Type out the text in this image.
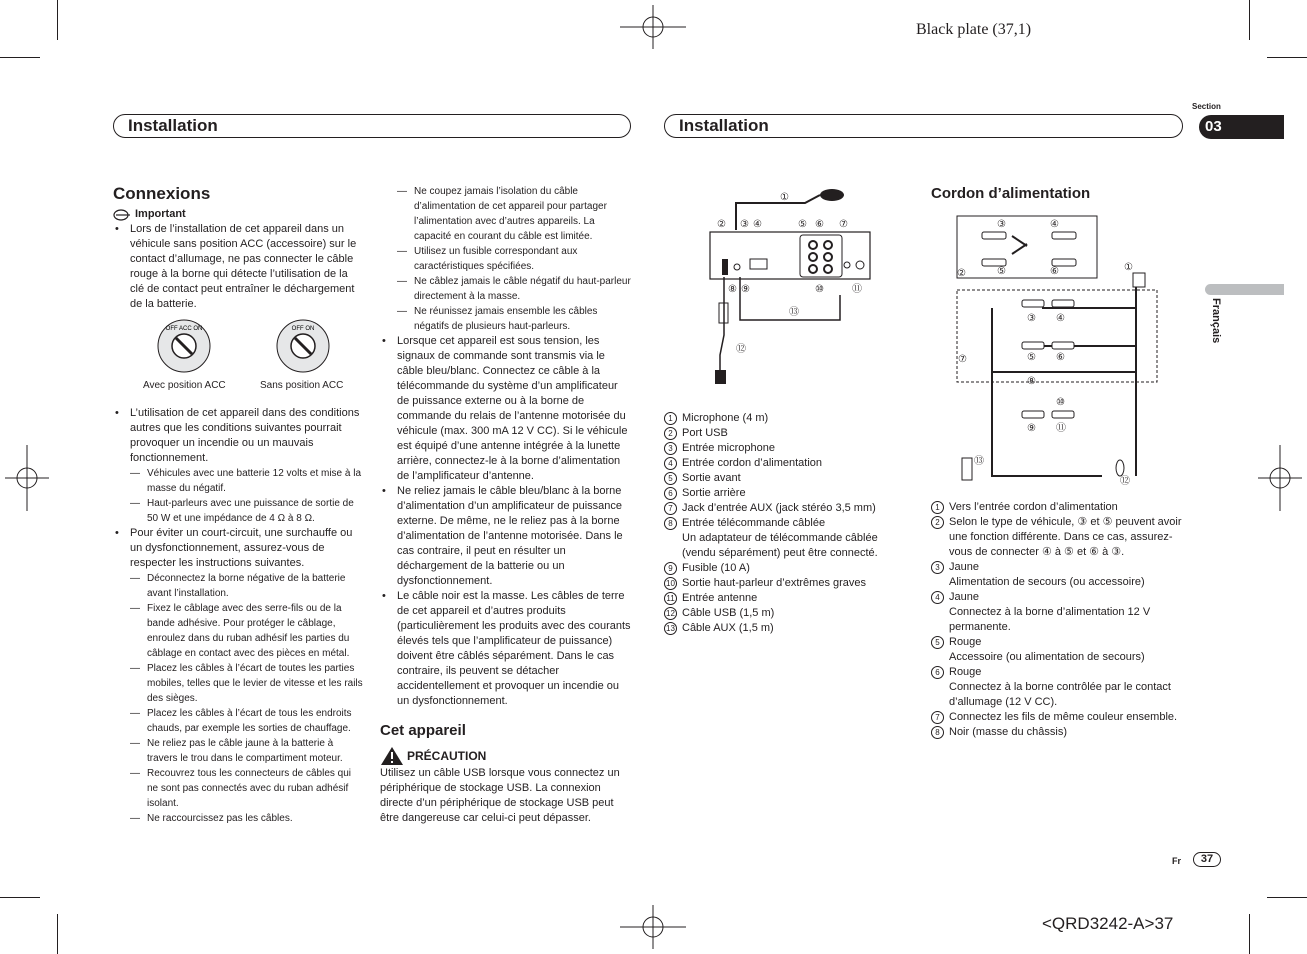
Black plate (37,1)
Section
03
Installation	Installation
Français
Connexions
Important

• Lors de l’installation de cet appareil dans un véhicule sans position ACC (accessoire) sur le contact d’allumage, ne pas connecter le câble rouge à la borne qui détecte l’utilisation de la clé de contact peut entraîner le déchargement de la batterie.

OFF ACC ON	OFF ON
Avec position ACC	Sans position ACC

• L’utilisation de cet appareil dans des conditions autres que les conditions suivantes pourrait provoquer un incendie ou un mauvais fonctionnement.

— Véhicules avec une batterie 12 volts et mise à la masse du négatif.

— Haut-parleurs avec une puissance de sortie de 50 W et une impédance de 4 Ω à 8 Ω.

• Pour éviter un court-circuit, une surchauffe ou un dysfonctionnement, assurez-vous de respecter les instructions suivantes.

— Déconnectez la borne négative de la batterie avant l’installation.

— Fixez le câblage avec des serre-fils ou de la bande adhésive. Pour protéger le câblage, enroulez dans du ruban adhésif les parties du câblage en contact avec des pièces en métal.

— Placez les câbles à l’écart de toutes les parties mobiles, telles que le levier de vitesse et les rails des sièges.

— Placez les câbles à l’écart de tous les endroits chauds, par exemple les sorties de chauffage.

— Ne reliez pas le câble jaune à la batterie à travers le trou dans le compartiment moteur.

— Recouvrez tous les connecteurs de câbles qui ne sont pas connectés avec du ruban adhésif isolant.

— Ne raccourcissez pas les câbles.

— Ne coupez jamais l’isolation du câble d’alimentation de cet appareil pour partager l’alimentation avec d’autres appareils. La capacité en courant du câble est limitée.

— Utilisez un fusible correspondant aux caractéristiques spécifiées.

— Ne câblez jamais le câble négatif du haut-parleur directement à la masse.

— Ne réunissez jamais ensemble les câbles négatifs de plusieurs haut-parleurs.

• Lorsque cet appareil est sous tension, les signaux de commande sont transmis via le câble bleu/blanc. Connectez ce câble à la télécommande du système d’un amplificateur de puissance externe ou à la borne de commande du relais de l’antenne motorisée du véhicule (max. 300 mA 12 V CC). Si le véhicule est équipé d’une antenne intégrée à la lunette arrière, connectez-le à la borne d’alimentation de l’amplificateur d’antenne.

• Ne reliez jamais le câble bleu/blanc à la borne d’alimentation d’un amplificateur de puissance externe. De même, ne le reliez pas à la borne d’alimentation de l’antenne motorisée. Dans le cas contraire, il peut en résulter un déchargement de la batterie ou un dysfonctionnement.

• Le câble noir est la masse. Les câbles de terre de cet appareil et d’autres produits (particulièrement les produits avec des courants élevés tels que l’amplificateur de puissance) doivent être câblés séparément. Dans le cas contraire, ils peuvent se détacher accidentellement et provoquer un incendie ou un dysfonctionnement.

Cet appareil
PRÉCAUTION

Utilisez un câble USB lorsque vous connectez un périphérique de stockage USB. La connexion directe d’un périphérique de stockage USB peut être dangereuse car celui-ci peut dépasser.

①
② ③ ④	⑤ ⑥ ⑦
⑧ ⑨	⑩	⑪
⑫
⑬
1 Microphone (4 m)
2 Port USB
3 Entrée microphone
4 Entrée cordon d’alimentation
5 Sortie avant
6 Sortie arrière
7 Jack d’entrée AUX (jack stéréo 3,5 mm)
8 Entrée télécommande câblée
Un adaptateur de télécommande câblée (vendu séparément) peut être connecté.
9 Fusible (10 A)
10 Sortie haut-parleur d’extrêmes graves
11 Entrée antenne
12 Câble USB (1,5 m)
13 Câble AUX (1,5 m)
Cordon d’alimentation
③	④
②	⑤	⑥	①
③ ④
⑦	⑤ ⑥
⑧
⑩
⑨ ⑪
⑬
⑫
1 Vers l’entrée cordon d’alimentation
2 Selon le type de véhicule, ③ et ⑤ peuvent avoir une fonction différente. Dans ce cas, assurez-vous de connecter ④ à ⑤ et ⑥ à ③.
3 Jaune
Alimentation de secours (ou accessoire)
4 Jaune
Connectez à la borne d’alimentation 12 V permanente.
5 Rouge
Accessoire (ou alimentation de secours)
6 Rouge
Connectez à la borne contrôlée par le contact d’allumage (12 V CC).
7 Connectez les fils de même couleur ensemble.
8 Noir (masse du châssis)
Fr	37
<QRD3242-A>37
